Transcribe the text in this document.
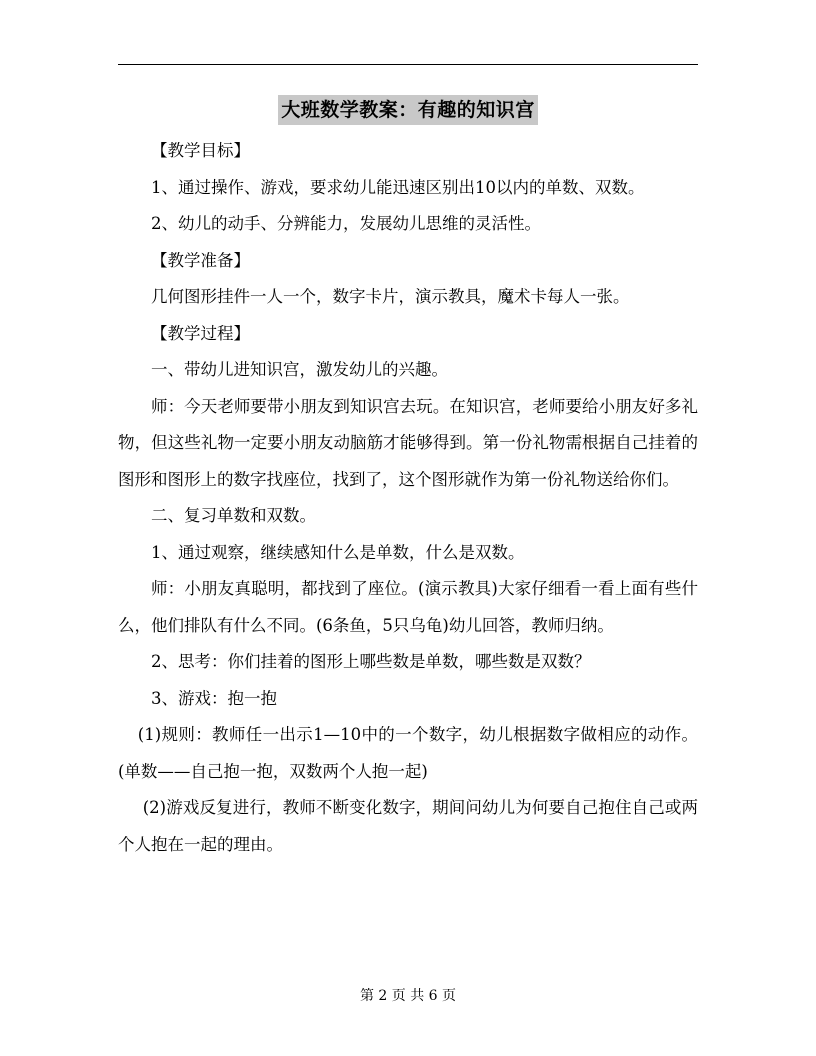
大班数学教案：有趣的知识宫

【教学目标】

1、通过操作、游戏，要求幼儿能迅速区别出10以内的单数、双数。

2、幼儿的动手、分辨能力，发展幼儿思维的灵活性。

【教学准备】

几何图形挂件一人一个，数字卡片，演示教具，魔术卡每人一张。

【教学过程】

一、带幼儿进知识宫，激发幼儿的兴趣。

师：今天老师要带小朋友到知识宫去玩。在知识宫，老师要给小朋友好多礼物，但这些礼物一定要小朋友动脑筋才能够得到。第一份礼物需根据自己挂着的图形和图形上的数字找座位，找到了，这个图形就作为第一份礼物送给你们。

二、复习单数和双数。

1、通过观察，继续感知什么是单数，什么是双数。

师：小朋友真聪明，都找到了座位。(演示教具)大家仔细看一看上面有些什么，他们排队有什么不同。(6条鱼，5只乌龟)幼儿回答，教师归纳。

2、思考：你们挂着的图形上哪些数是单数，哪些数是双数？

3、游戏：抱一抱

(1)规则：教师任一出示1—10中的一个数字，幼儿根据数字做相应的动作。(单数——自己抱一抱，双数两个人抱一起)

(2)游戏反复进行，教师不断变化数字，期间问幼儿为何要自己抱住自己或两个人抱在一起的理由。

第 2 页 共 6 页
